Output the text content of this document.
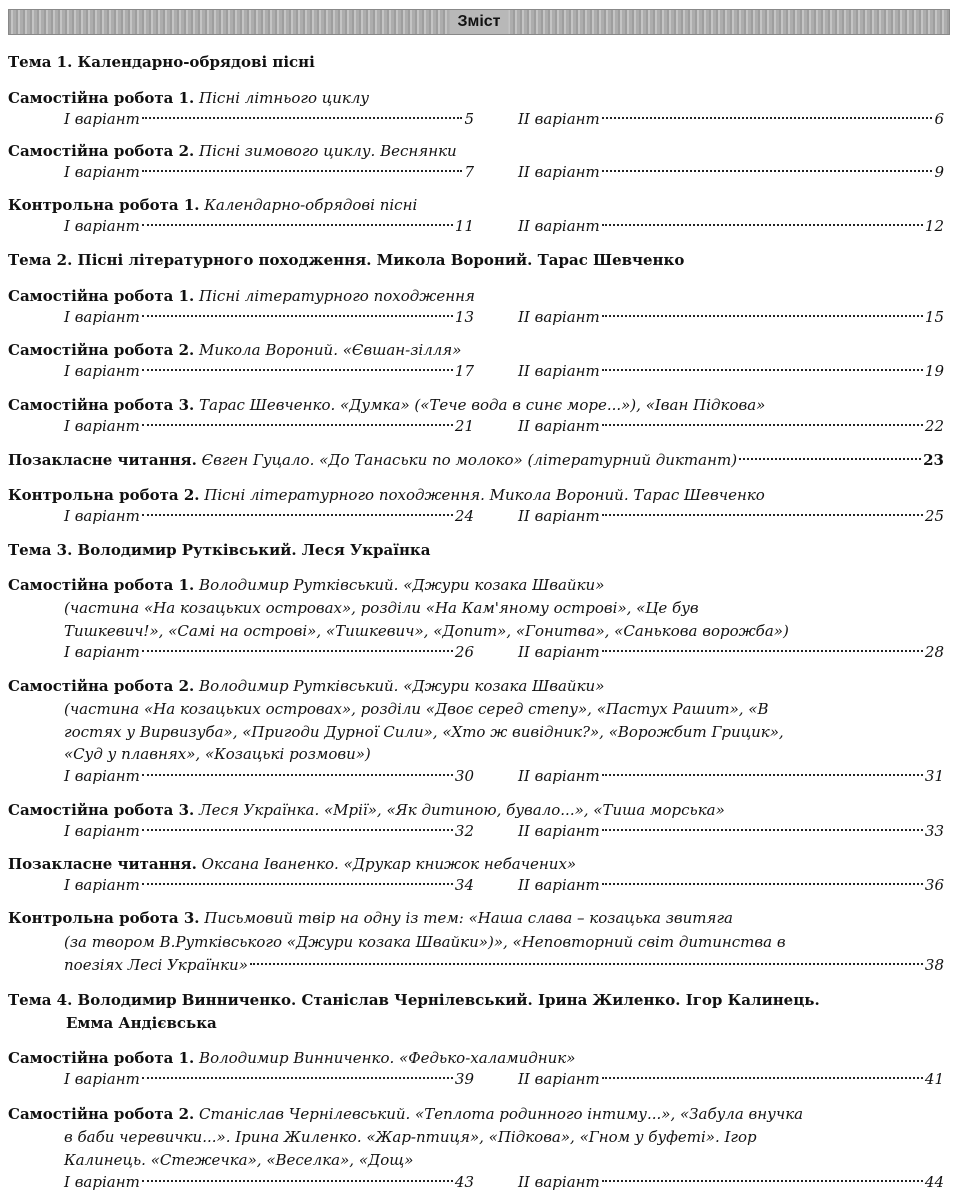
Зміст
Тема 1. Календарно-обрядові пісні
Самостійна робота 1. Пісні літнього циклу
I варіант	5	II варіант	6
Самостійна робота 2. Пісні зимового циклу. Веснянки
I варіант	7	II варіант	9
Контрольна робота 1. Календарно-обрядові пісні
I варіант	11	II варіант	12
Тема 2. Пісні літературного походження. Микола Вороний. Тарас Шевченко
Самостійна робота 1. Пісні літературного походження
I варіант	13	II варіант	15
Самостійна робота 2. Микола Вороний. «Євшан-зілля»
I варіант	17	II варіант	19
Самостійна робота 3. Тарас Шевченко. «Думка» («Тече вода в синє море...»), «Іван Підкова»
I варіант	21	II варіант	22
Позакласне читання.
Євген Гуцало. «До Танаськи по молоко» (літературний диктант)	23
Контрольна робота 2. Пісні літературного походження. Микола Вороний. Тарас Шевченко
I варіант	24	II варіант	25
Тема 3. Володимир Рутківський. Леся Українка
Самостійна робота 1. Володимир Рутківський. «Джури козака Швайки»
(частина «На козацьких островах», розділи «На Кам'яному острові», «Це був
Тишкевич!», «Самі на острові», «Тишкевич», «Допит», «Гонитва», «Санькова ворожба»)
I варіант	26	II варіант	28
Самостійна робота 2. Володимир Рутківський. «Джури козака Швайки»
(частина «На козацьких островах», розділи «Двоє серед степу», «Пастух Рашит», «В
гостях у Вирвизуба», «Пригоди Дурної Сили», «Хто ж вивідник?», «Ворожбит Грицик»,
«Суд у плавнях», «Козацькі розмови»)
I варіант	30	II варіант	31
Самостійна робота 3. Леся Українка. «Мрії», «Як дитиною, бувало...», «Тиша морська»
I варіант	32	II варіант	33
Позакласне читання. Оксана Іваненко. «Друкар книжок небачених»
I варіант	34	II варіант	36
Контрольна робота 3. Письмовий твір на одну із тем: «Наша слава – козацька звитяга
(за твором В.Рутківського «Джури козака Швайки»)», «Неповторний світ дитинства в
поезіях Лесі Українки»	38
Тема 4. Володимир Винниченко. Станіслав Чернілевський. Ірина Жиленко. Ігор Калинець.
Емма Андієвська
Самостійна робота 1. Володимир Винниченко. «Федько-халамидник»
I варіант	39	II варіант	41
Самостійна робота 2. Станіслав Чернілевський. «Теплота родинного інтиму...», «Забула внучка
в баби черевички...». Ірина Жиленко. «Жар-птиця», «Підкова», «Гном у буфеті». Ігор
Калинець. «Стежечка», «Веселка», «Дощ»
I варіант	43	II варіант	44
